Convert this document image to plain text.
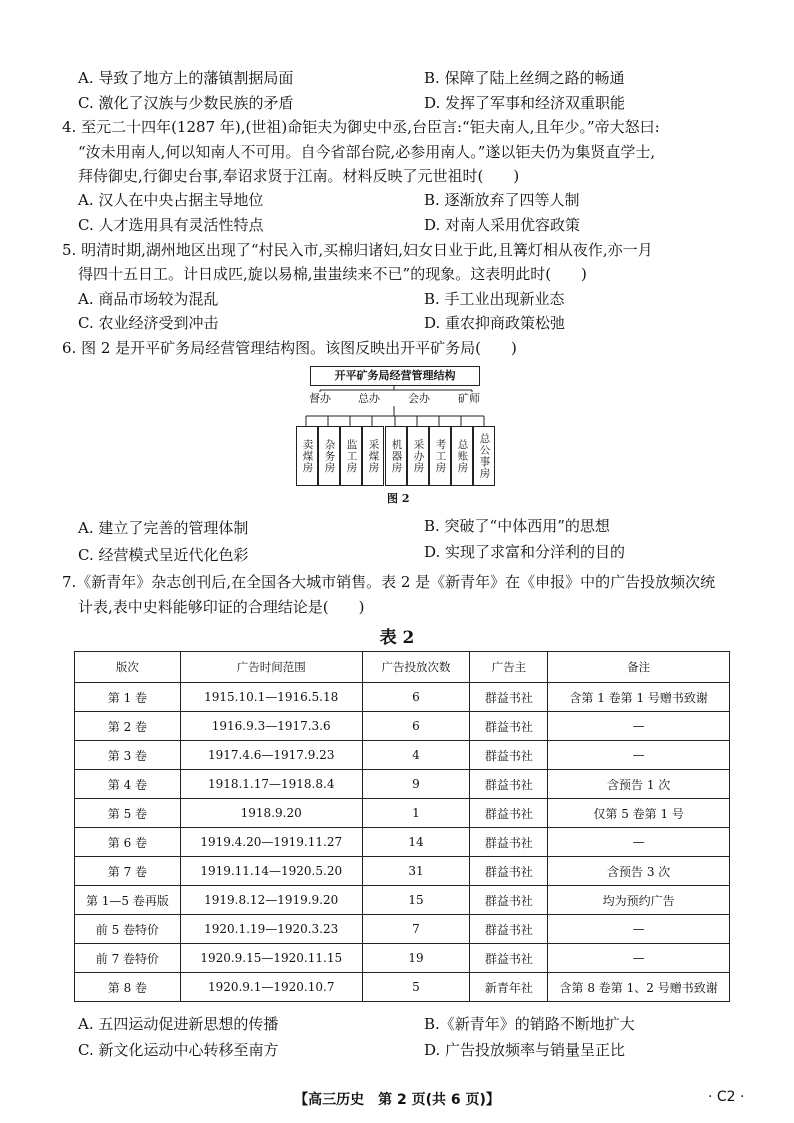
A. 导致了地方上的藩镇割据局面	B. 保障了陆上丝绸之路的畅通
C. 激化了汉族与少数民族的矛盾	D. 发挥了军事和经济双重职能
4. 至元二十四年(1287 年),(世祖)命钜夫为御史中丞,台臣言:“钜夫南人,且年少。”帝大怒曰:
“汝未用南人,何以知南人不可用。自今省部台院,必参用南人。”遂以钜夫仍为集贤直学士,
拜侍御史,行御史台事,奉诏求贤于江南。材料反映了元世祖时(　　)
A. 汉人在中央占据主导地位	B. 逐渐放弃了四等人制
C. 人才选用具有灵活性特点	D. 对南人采用优容政策
5. 明清时期,湖州地区出现了“村民入市,买棉归诸妇,妇女日业于此,且篝灯相从夜作,亦一月
得四十五日工。计日成匹,旋以易棉,蚩蚩续来不已”的现象。这表明此时(　　)
A. 商品市场较为混乱	B. 手工业出现新业态
C. 农业经济受到冲击	D. 重农抑商政策松弛
6. 图 2 是开平矿务局经营管理结构图。该图反映出开平矿务局(　　)
开平矿务局经营管理结构
督办	总办	会办	矿师
卖煤房 杂务房 监工房 采煤房	机器房 采办房 考工房 总账房 总公事房
图 2
A. 建立了完善的管理体制	B. 突破了“中体西用”的思想
C. 经营模式呈近代化色彩	D. 实现了求富和分洋利的目的
7.《新青年》杂志创刊后,在全国各大城市销售。表 2 是《新青年》在《申报》中的广告投放频次统
计表,表中史料能够印证的合理结论是(　　)
表 2
版次	广告时间范围	广告投放次数	广告主	备注
第 1 卷	1915.10.1—1916.5.18	6	群益书社	含第 1 卷第 1 号赠书致谢
第 2 卷	1916.9.3—1917.3.6	6	群益书社	—
第 3 卷	1917.4.6—1917.9.23	4	群益书社	—
第 4 卷	1918.1.17—1918.8.4	9	群益书社	含预告 1 次
第 5 卷	1918.9.20	1	群益书社	仅第 5 卷第 1 号
第 6 卷	1919.4.20—1919.11.27	14	群益书社	—
第 7 卷	1919.11.14—1920.5.20	31	群益书社	含预告 3 次
第 1—5 卷再版	1919.8.12—1919.9.20	15	群益书社	均为预约广告
前 5 卷特价	1920.1.19—1920.3.23	7	群益书社	—
前 7 卷特价	1920.9.15—1920.11.15	19	群益书社	—
第 8 卷	1920.9.1—1920.10.7	5	新青年社	含第 8 卷第 1、2 号赠书致谢
A. 五四运动促进新思想的传播	B.《新青年》的销路不断地扩大
C. 新文化运动中心转移至南方	D. 广告投放频率与销量呈正比
【高三历史　第 2 页(共 6 页)】	· C2 ·
